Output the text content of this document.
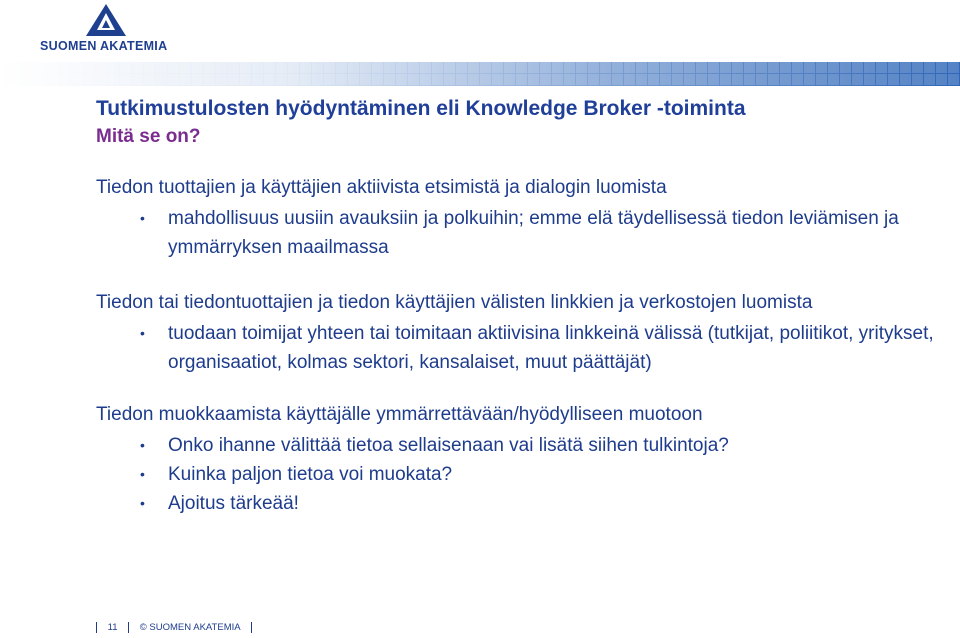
SUOMEN AKATEMIA
Tutkimustulosten hyödyntäminen eli Knowledge Broker -toiminta
Mitä se on?

Tiedon tuottajien ja käyttäjien aktiivista etsimistä ja dialogin luomista

• mahdollisuus uusiin avauksiin ja polkuihin; emme elä täydellisessä tiedon leviämisen ja ymmärryksen maailmassa

Tiedon tai tiedontuottajien ja tiedon käyttäjien välisten linkkien ja verkostojen luomista

• tuodaan toimijat yhteen tai toimitaan aktiivisina linkkeinä välissä (tutkijat, poliitikot, yritykset, organisaatiot, kolmas sektori, kansalaiset, muut päättäjät)

Tiedon muokkaamista käyttäjälle ymmärrettävään/hyödylliseen muotoon

• Onko ihanne välittää tietoa sellaisenaan vai lisätä siihen tulkintoja?
• Kuinka paljon tietoa voi muokata?
• Ajoitus tärkeää!
11 © SUOMEN AKATEMIA
